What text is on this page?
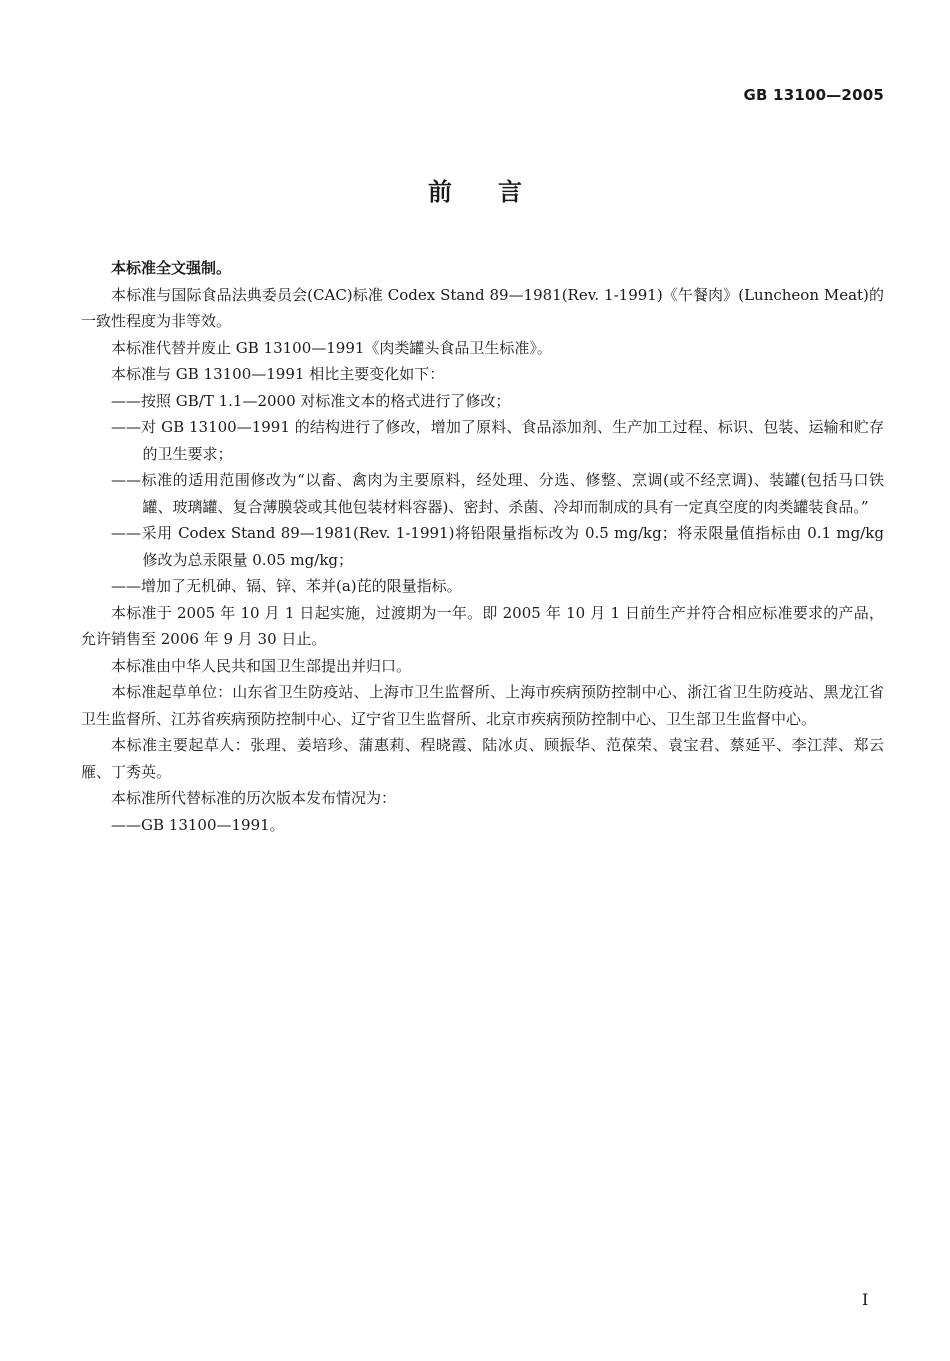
GB 13100—2005
前言

本标准全文强制。

本标准与国际食品法典委员会(CAC)标准 Codex Stand 89—1981(Rev. 1-1991)《午餐肉》(Luncheon Meat)的一致性程度为非等效。

本标准代替并废止 GB 13100—1991《肉类罐头食品卫生标准》。

本标准与 GB 13100—1991 相比主要变化如下：

——按照 GB/T 1.1—2000 对标准文本的格式进行了修改；

——对 GB 13100—1991 的结构进行了修改，增加了原料、食品添加剂、生产加工过程、标识、包装、运输和贮存的卫生要求；

——标准的适用范围修改为“以畜、禽肉为主要原料，经处理、分选、修整、烹调(或不经烹调)、装罐(包括马口铁罐、玻璃罐、复合薄膜袋或其他包装材料容器)、密封、杀菌、冷却而制成的具有一定真空度的肉类罐装食品。”

——采用 Codex Stand 89—1981(Rev. 1-1991)将铅限量指标改为 0.5 mg/kg；将汞限量值指标由 0.1 mg/kg 修改为总汞限量 0.05 mg/kg；

——增加了无机砷、镉、锌、苯并(a)芘的限量指标。

本标准于 2005 年 10 月 1 日起实施，过渡期为一年。即 2005 年 10 月 1 日前生产并符合相应标准要求的产品，允许销售至 2006 年 9 月 30 日止。

本标准由中华人民共和国卫生部提出并归口。

本标准起草单位：山东省卫生防疫站、上海市卫生监督所、上海市疾病预防控制中心、浙江省卫生防疫站、黑龙江省卫生监督所、江苏省疾病预防控制中心、辽宁省卫生监督所、北京市疾病预防控制中心、卫生部卫生监督中心。

本标准主要起草人：张理、姜培珍、蒲惠莉、程晓霞、陆冰贞、顾振华、范葆荣、袁宝君、蔡延平、李江萍、郑云雁、丁秀英。

本标准所代替标准的历次版本发布情况为：

——GB 13100—1991。

I
